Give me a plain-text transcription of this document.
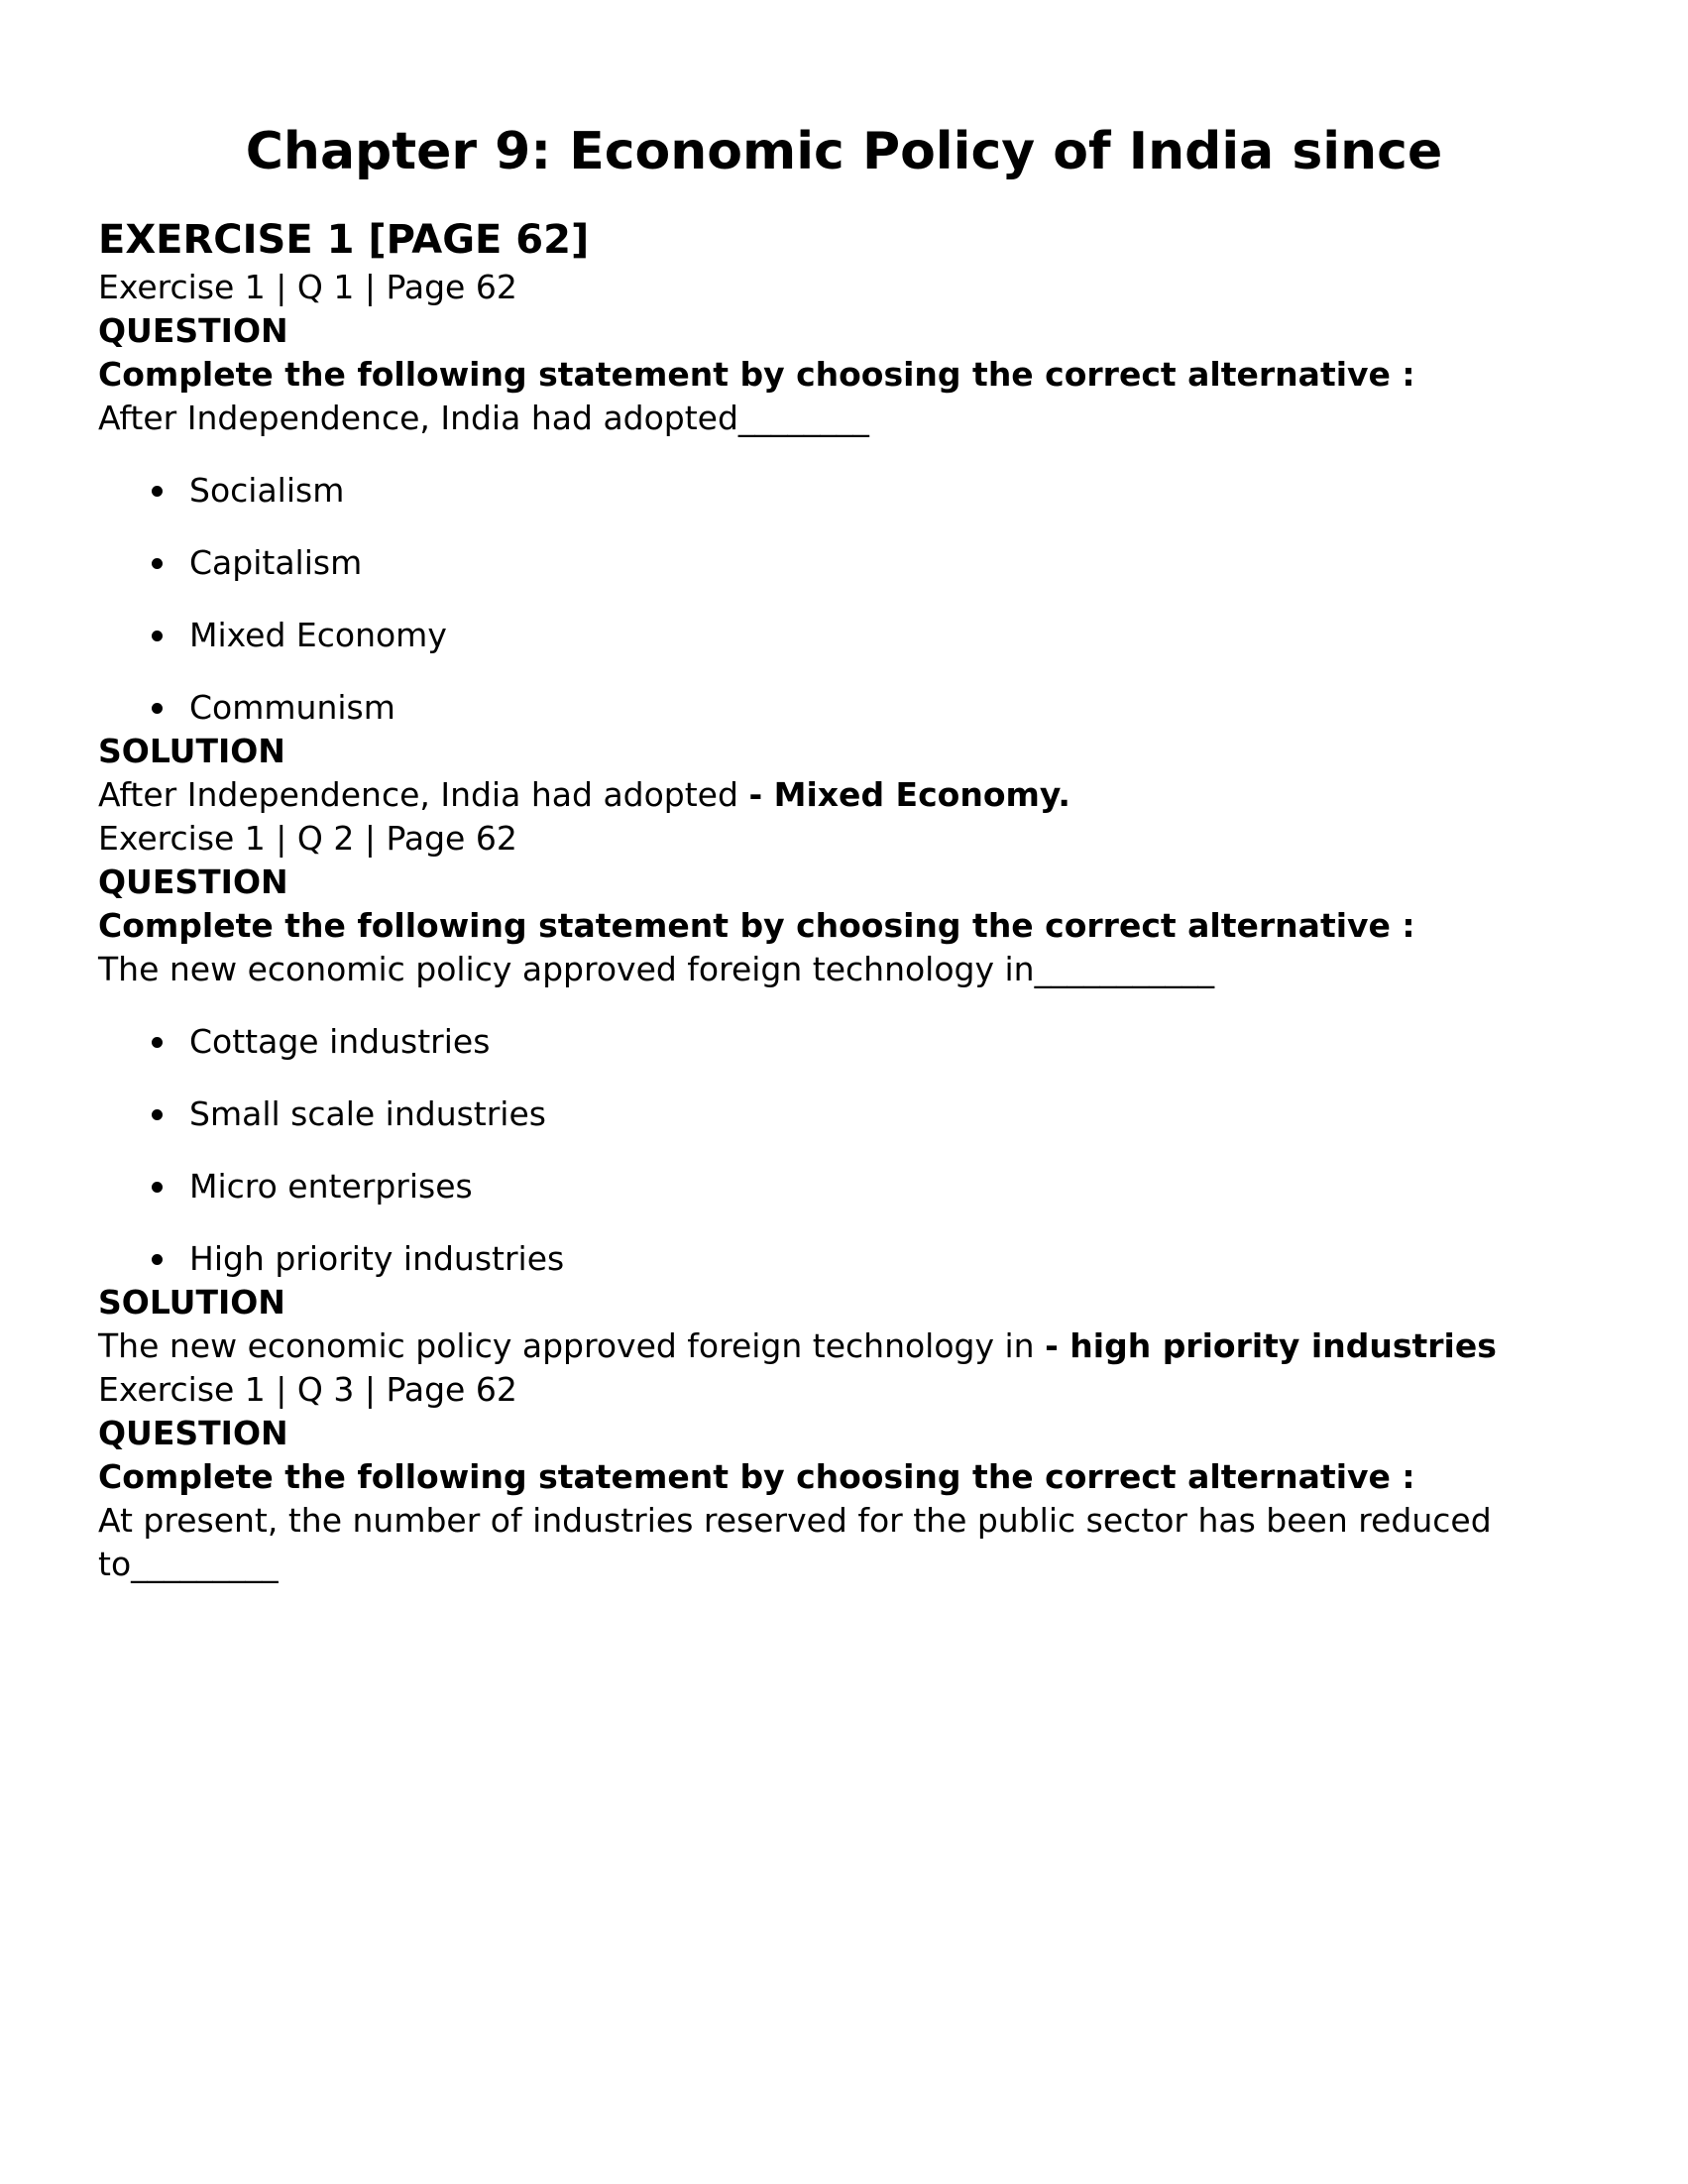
Chapter 9: Economic Policy of India since
EXERCISE 1 [PAGE 62]

Exercise 1 | Q 1 | Page 62

QUESTION

Complete the following statement by choosing the correct alternative :

After Independence, India had adopted________

Socialism
Capitalism
Mixed Economy
Communism

SOLUTION

After Independence, India had adopted - Mixed Economy.

Exercise 1 | Q 2 | Page 62

QUESTION

Complete the following statement by choosing the correct alternative :

The new economic policy approved foreign technology in___________

Cottage industries
Small scale industries
Micro enterprises
High priority industries

SOLUTION

The new economic policy approved foreign technology in - high priority industries

Exercise 1 | Q 3 | Page 62

QUESTION

Complete the following statement by choosing the correct alternative :

At present, the number of industries reserved for the public sector has been reduced to_________
